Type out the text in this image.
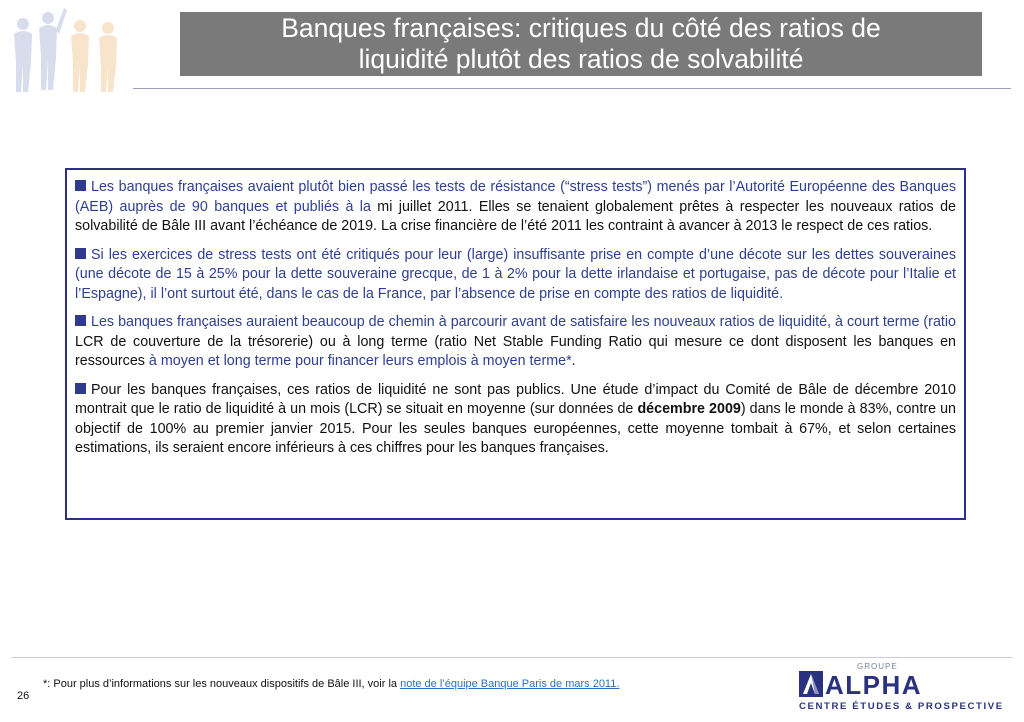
Banques françaises: critiques du côté des ratios de
liquidité plutôt des ratios de solvabilité

Les banques françaises avaient plutôt bien passé les tests de résistance (“stress tests”) menés par l’Autorité Européenne des Banques (AEB) auprès de 90 banques et publiés à la mi juillet 2011. Elles se tenaient globalement prêtes à respecter les nouveaux ratios de solvabilité de Bâle III avant l’échéance de 2019. La crise financière de l’été 2011 les contraint à avancer à 2013 le respect de ces ratios.

Si les exercices de stress tests ont été critiqués pour leur (large) insuffisante prise en compte d’une décote sur les dettes souveraines (une décote de 15 à 25% pour la dette souveraine grecque, de 1 à 2% pour la dette irlandaise et portugaise, pas de décote pour l’Italie et l’Espagne), il l’ont surtout été, dans le cas de la France, par l’absence de prise en compte des ratios de liquidité.

Les banques françaises auraient beaucoup de chemin à parcourir avant de satisfaire les nouveaux ratios de liquidité, à court terme (ratio LCR de couverture de la trésorerie) ou à long terme (ratio Net Stable Funding Ratio qui mesure ce dont disposent les banques en ressources à moyen et long terme pour financer leurs emplois à moyen terme*.

Pour les banques françaises, ces ratios de liquidité ne sont pas publics. Une étude d’impact du Comité de Bâle de décembre 2010 montrait que le ratio de liquidité à un mois (LCR) se situait en moyenne (sur données de décembre 2009) dans le monde à 83%, contre un objectif de 100% au premier janvier 2015. Pour les seules banques européennes, cette moyenne tombait à 67%, et selon certaines estimations, ils seraient encore inférieurs à ces chiffres pour les banques françaises.

*: Pour plus d’informations sur les nouveaux dispositifs de Bâle III, voir la note de l’équipe Banque Paris de mars 2011.
26
GROUPE
ALPHA
CENTRE ÉTUDES & PROSPECTIVE
